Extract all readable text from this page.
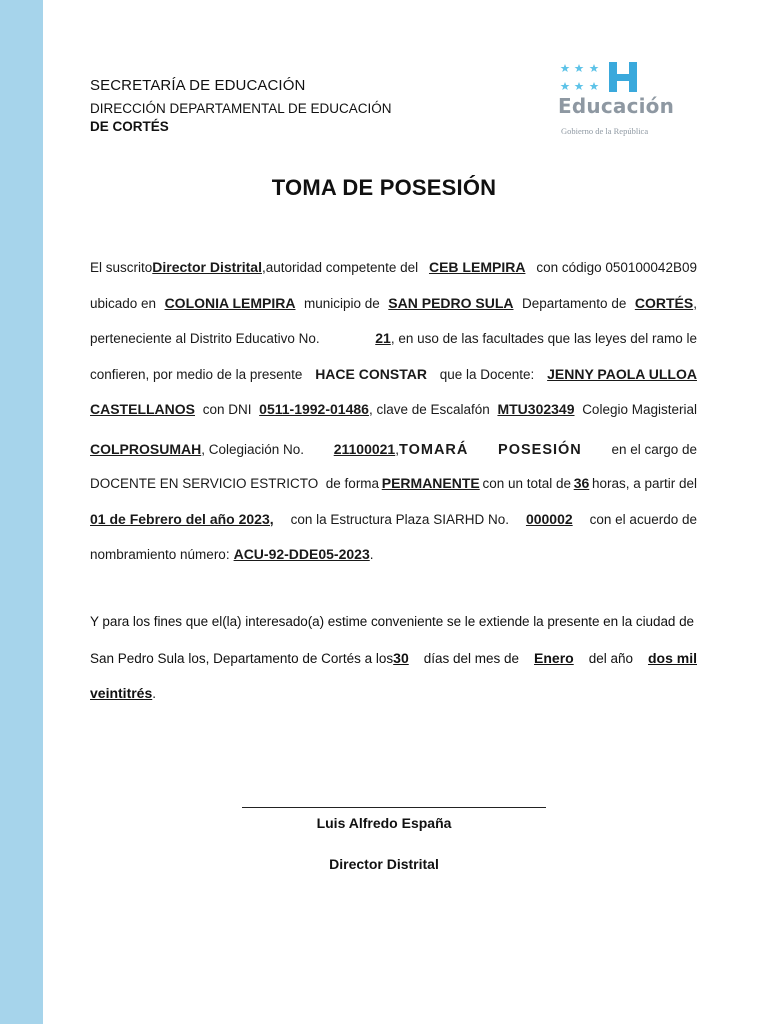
SECRETARÍA DE EDUCACIÓN
DIRECCIÓN DEPARTAMENTAL DE EDUCACIÓN
DE CORTÉS
Educación
Gobierno de la República
TOMA DE POSESIÓN
El suscritoDirector Distrital,autoridad competente del CEB LEMPIRA con código 050100042B09
ubicado en COLONIA LEMPIRA municipio de SAN PEDRO SULA Departamento de CORTÉS,
perteneciente al Distrito Educativo No.	21, en uso de las facultades que las leyes del ramo le
confieren, por medio de la presente HACE CONSTAR que la Docente: JENNY PAOLA ULLOA
CASTELLANOS con DNI 0511-1992-01486, clave de Escalafón MTU302349 Colegio Magisterial
COLPROSUMAH, Colegiación No. 21100021,TOMARÁ POSESIÓN en el cargo de
DOCENTE EN SERVICIO ESTRICTO  de forma PERMANENTE con un total de 36 horas, a partir del
01 de Febrero del año 2023, con la Estructura Plaza SIARHD No. 000002 con el acuerdo de
nombramiento número: ACU-92-DDE05-2023.
Y para los fines que el(la) interesado(a) estime conveniente se le extiende la presente en la ciudad de
San Pedro Sula los, Departamento de Cortés a los30 días del mes de Enero del año dos mil
veintitrés.
Luis Alfredo España
Director Distrital
